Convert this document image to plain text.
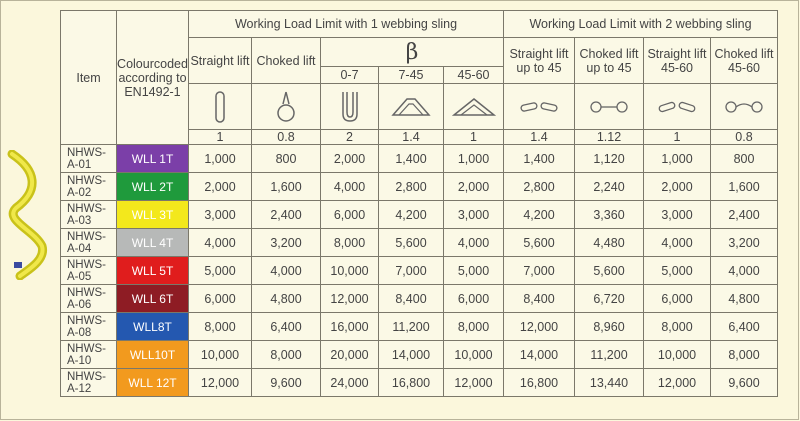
Item	Colourcoded according to EN1492-1	Working Load Limit with 1 webbing sling					Working Load Limit with 2 webbing sling			
		Straight lift	Choked lift	β			Straight lift up to 45	Choked lift up to 45	Straight lift 45-60	Choked lift 45-60
				0-7	7-45	45-60				

		1	0.8	2	1.4	1	1.4	1.12	1	0.8
NHWS-A-01	WLL 1T	1,000	800	2,000	1,400	1,000	1,400	1,120	1,000	800
NHWS-A-02	WLL 2T	2,000	1,600	4,000	2,800	2,000	2,800	2,240	2,000	1,600
NHWS-A-03	WLL 3T	3,000	2,400	6,000	4,200	3,000	4,200	3,360	3,000	2,400
NHWS-A-04	WLL 4T	4,000	3,200	8,000	5,600	4,000	5,600	4,480	4,000	3,200
NHWS-A-05	WLL 5T	5,000	4,000	10,000	7,000	5,000	7,000	5,600	5,000	4,000
NHWS-A-06	WLL 6T	6,000	4,800	12,000	8,400	6,000	8,400	6,720	6,000	4,800
NHWS-A-08	WLL8T	8,000	6,400	16,000	11,200	8,000	12,000	8,960	8,000	6,400
NHWS-A-10	WLL10T	10,000	8,000	20,000	14,000	10,000	14,000	11,200	10,000	8,000
NHWS-A-12	WLL 12T	12,000	9,600	24,000	16,800	12,000	16,800	13,440	12,000	9,600
